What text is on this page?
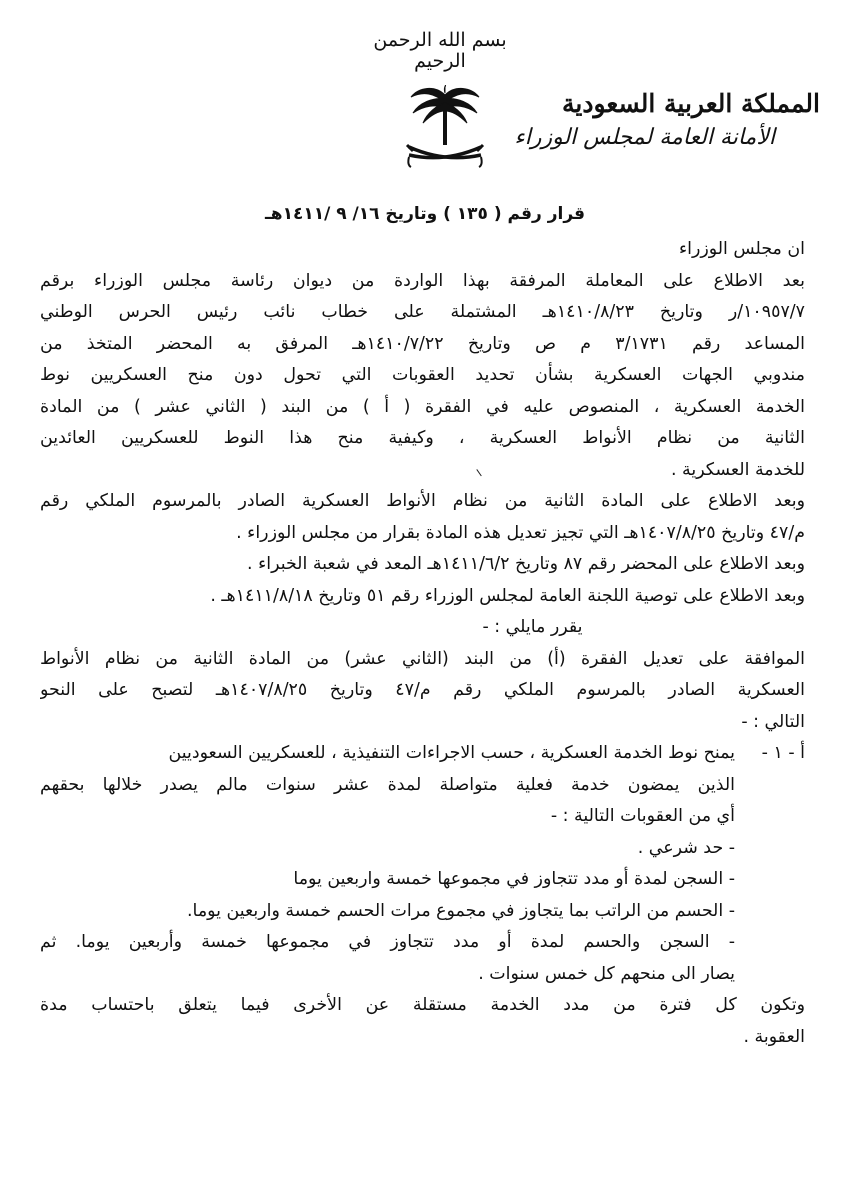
بسم الله الرحمن الرحيم
المملكة العربية السعودية
الأمانة العامة لمجلس الوزراء
قرار رقم ( ١٣٥ ) وتاريخ ١٦/ ٩ /١٤١١هـ
ان مجلس الوزراء
بعد الاطلاع على المعاملة المرفقة بهذا الواردة من ديوان رئاسة مجلس الوزراء برقم
١٠٩٥٧/٧/ر وتاريخ ١٤١٠/٨/٢٣هـ المشتملة على خطاب نائب رئيس الحرس الوطني
المساعد رقم ٣/١٧٣١ م ص وتاريخ ١٤١٠/٧/٢٢هـ المرفق به المحضر المتخذ من
مندوبي الجهات العسكرية بشأن تحديد العقوبات التي تحول دون منح العسكريين نوط
الخدمة العسكرية ، المنصوص عليه في الفقرة ( أ ) من البند ( الثاني عشر ) من المادة
الثانية من نظام الأنواط العسكرية ، وكيفية منح هذا النوط للعسكريين العائدين
للخدمة العسكرية .
وبعد الاطلاع على المادة الثانية من نظام الأنواط العسكرية الصادر بالمرسوم الملكي رقم
م/٤٧ وتاريخ ١٤٠٧/٨/٢٥هـ التي تجيز تعديل هذه المادة بقرار من مجلس الوزراء .
وبعد الاطلاع على المحضر رقم ٨٧ وتاريخ ١٤١١/٦/٢هـ المعد في شعبة الخبراء .
وبعد الاطلاع على توصية اللجنة العامة لمجلس الوزراء رقم ٥١ وتاريخ ١٤١١/٨/١٨هـ .
يقرر مايلي : -
الموافقة على تعديل الفقرة (أ) من البند (الثاني عشر) من المادة الثانية من نظام الأنواط
العسكرية الصادر بالمرسوم الملكي رقم م/٤٧ وتاريخ ١٤٠٧/٨/٢٥هـ لتصبح على النحو
التالي : -
أ - ١ -يمنح نوط الخدمة العسكرية ، حسب الاجراءات التنفيذية ، للعسكريين السعوديين
الذين يمضون خدمة فعلية متواصلة لمدة عشر سنوات مالم يصدر خلالها بحقهم
أي من العقوبات التالية : -
- حد شرعي .
- السجن لمدة أو مدد تتجاوز في مجموعها خمسة واربعين يوما
- الحسم من الراتب بما يتجاوز في مجموع مرات الحسم خمسة واربعين يوما.
- السجن والحسم لمدة أو مدد تتجاوز في مجموعها خمسة وأربعين يوما. ثم
يصار الى منحهم كل خمس سنوات .
وتكون كل فترة من مدد الخدمة مستقلة عن الأخرى فيما يتعلق باحتساب مدة
العقوبة .
